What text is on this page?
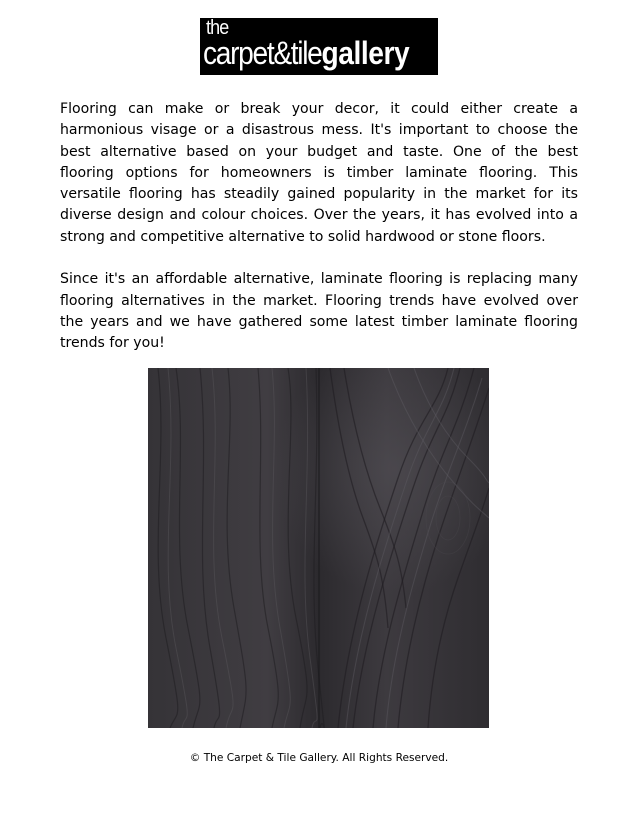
the
carpet&tilegallery

Flooring can make or break your decor, it could either create a harmonious visage or a disastrous mess. It's important to choose the best alternative based on your budget and taste. One of the best flooring options for homeowners is timber laminate flooring. This versatile flooring has steadily gained popularity in the market for its diverse design and colour choices. Over the years, it has evolved into a strong and competitive alternative to solid hardwood or stone floors.

Since it's an affordable alternative, laminate flooring is replacing many flooring alternatives in the market. Flooring trends have evolved over the years and we have gathered some latest timber laminate flooring trends for you!

© The Carpet & Tile Gallery. All Rights Reserved.
